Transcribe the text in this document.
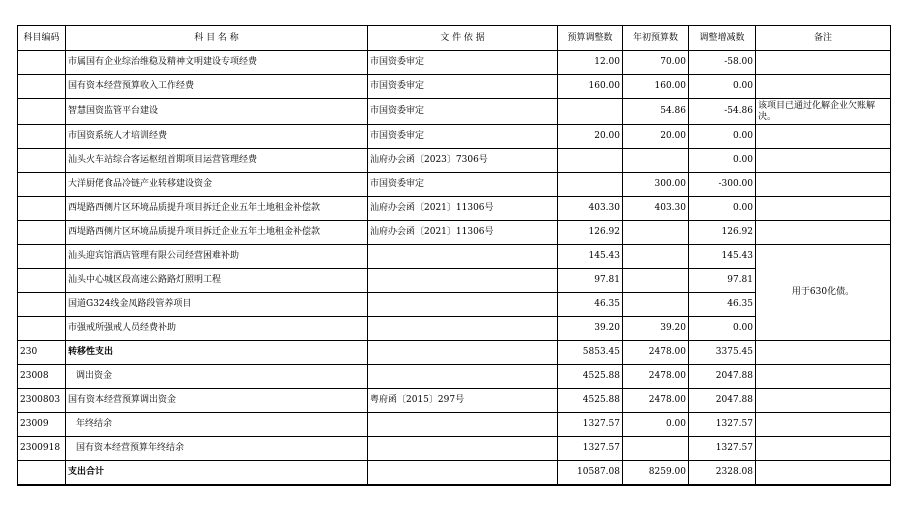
科目编码	科 目 名 称	文 件 依 据	预算调整数	年初预算数	调整增减数	备注
	市属国有企业综治维稳及精神文明建设专项经费	市国资委审定	12.00	70.00	-58.00	
	国有资本经营预算收入工作经费	市国资委审定	160.00	160.00	0.00	
	智慧国资监管平台建设	市国资委审定		54.86	-54.86	该项目已通过化解企业欠账解决。
	市国资系统人才培训经费	市国资委审定	20.00	20.00	0.00	
	汕头火车站综合客运枢纽首期项目运营管理经费	汕府办会函〔2023〕7306号			0.00	
	大洋厨佬食品冷链产业转移建设资金	市国资委审定		300.00	-300.00	
	西堤路西侧片区环境品质提升项目拆迁企业五年土地租金补偿款	汕府办会函〔2021〕11306号	403.30	403.30	0.00	
	西堤路西侧片区环境品质提升项目拆迁企业五年土地租金补偿款	汕府办会函〔2021〕11306号	126.92		126.92	
	汕头迎宾馆酒店管理有限公司经营困难补助		145.43		145.43	用于630化债。
	汕头中心城区段高速公路路灯照明工程		97.81		97.81	
	国道G324线金凤路段管养项目		46.35		46.35	
	市强戒所强戒人员经费补助		39.20	39.20	0.00	
230	转移性支出		5853.45	2478.00	3375.45	
23008	调出资金		4525.88	2478.00	2047.88	
2300803	国有资本经营预算调出资金	粤府函〔2015〕297号	4525.88	2478.00	2047.88	
23009	年终结余		1327.57	0.00	1327.57	
2300918	国有资本经营预算年终结余		1327.57		1327.57	
	支出合计		10587.08	8259.00	2328.08	
